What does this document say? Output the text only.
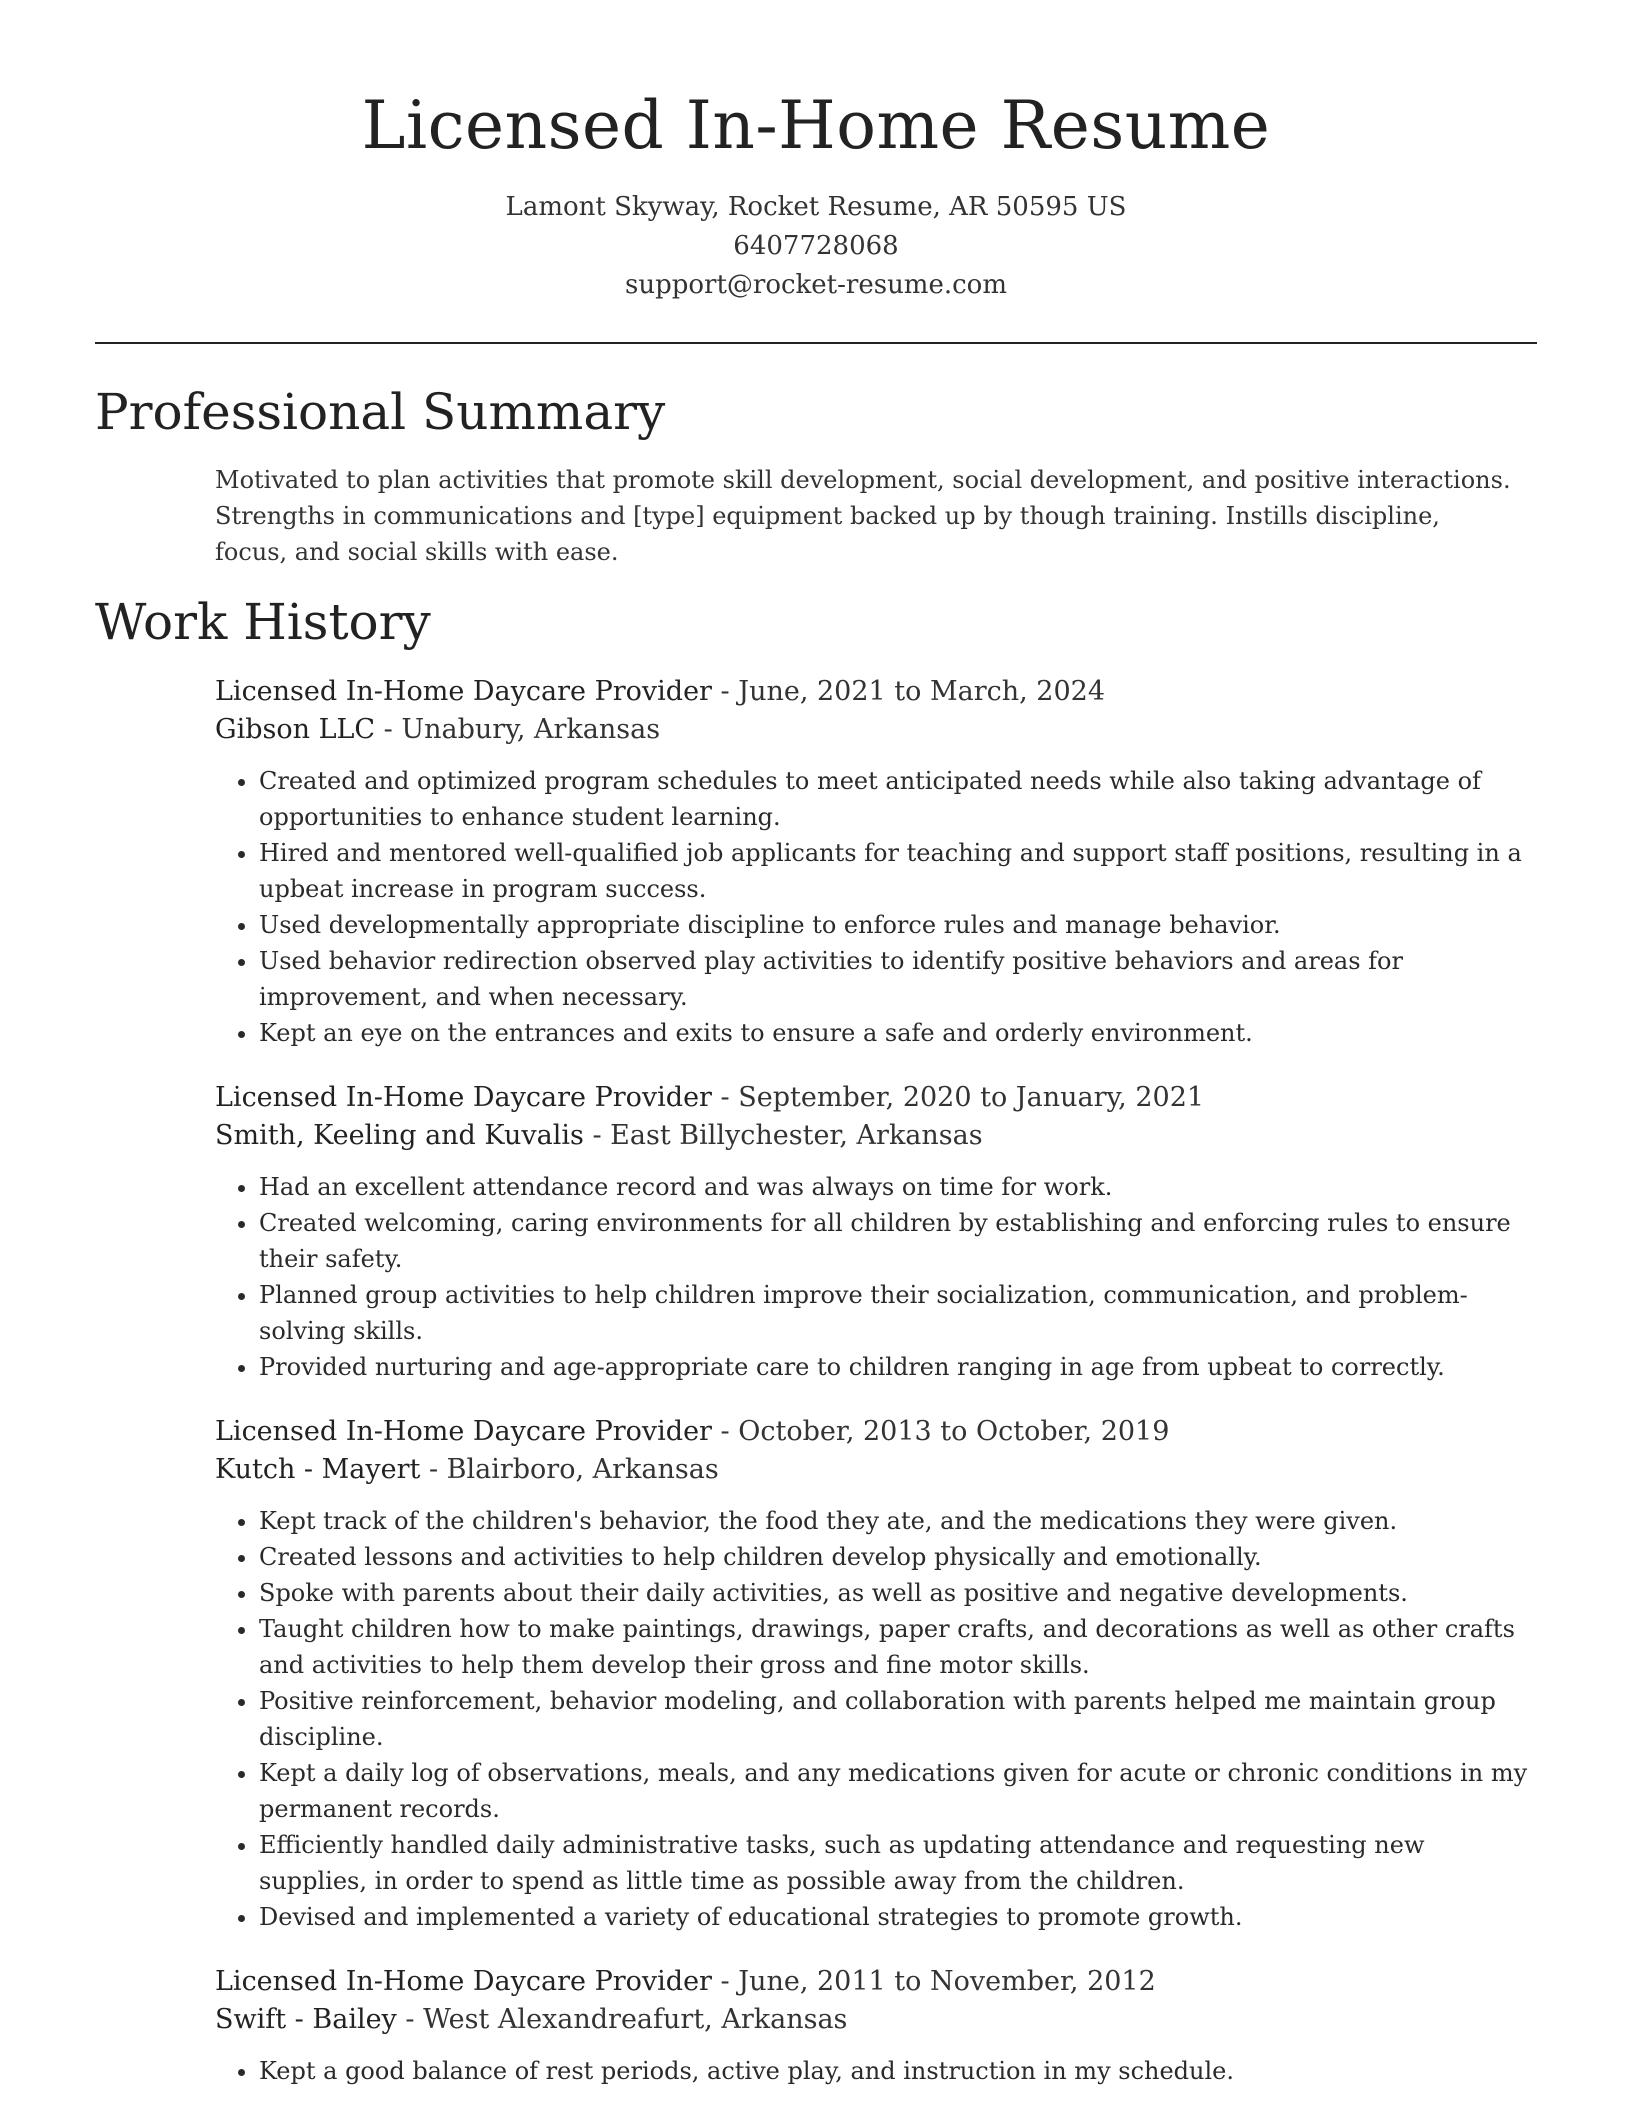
Licensed In-Home Resume
Lamont Skyway, Rocket Resume, AR 50595 US
6407728068
support@rocket-resume.com
Professional Summary
Motivated to plan activities that promote skill development, social development, and positive interactions. Strengths in communications and [type] equipment backed up by though training. Instills discipline, focus, and social skills with ease.
Work History
Licensed In-Home Daycare Provider - June, 2021 to March, 2024
Gibson LLC - Unabury, Arkansas
• Created and optimized program schedules to meet anticipated needs while also taking advantage of opportunities to enhance student learning.
• Hired and mentored well-qualified job applicants for teaching and support staff positions, resulting in a upbeat increase in program success.
• Used developmentally appropriate discipline to enforce rules and manage behavior.
• Used behavior redirection observed play activities to identify positive behaviors and areas for improvement, and when necessary.
• Kept an eye on the entrances and exits to ensure a safe and orderly environment.
Licensed In-Home Daycare Provider - September, 2020 to January, 2021
Smith, Keeling and Kuvalis - East Billychester, Arkansas
• Had an excellent attendance record and was always on time for work.
• Created welcoming, caring environments for all children by establishing and enforcing rules to ensure their safety.
• Planned group activities to help children improve their socialization, communication, and problem-solving skills.
• Provided nurturing and age-appropriate care to children ranging in age from upbeat to correctly.
Licensed In-Home Daycare Provider - October, 2013 to October, 2019
Kutch - Mayert - Blairboro, Arkansas
• Kept track of the children's behavior, the food they ate, and the medications they were given.
• Created lessons and activities to help children develop physically and emotionally.
• Spoke with parents about their daily activities, as well as positive and negative developments.
• Taught children how to make paintings, drawings, paper crafts, and decorations as well as other crafts and activities to help them develop their gross and fine motor skills.
• Positive reinforcement, behavior modeling, and collaboration with parents helped me maintain group discipline.
• Kept a daily log of observations, meals, and any medications given for acute or chronic conditions in my permanent records.
• Efficiently handled daily administrative tasks, such as updating attendance and requesting new supplies, in order to spend as little time as possible away from the children.
• Devised and implemented a variety of educational strategies to promote growth.
Licensed In-Home Daycare Provider - June, 2011 to November, 2012
Swift - Bailey - West Alexandreafurt, Arkansas
• Kept a good balance of rest periods, active play, and instruction in my schedule.
